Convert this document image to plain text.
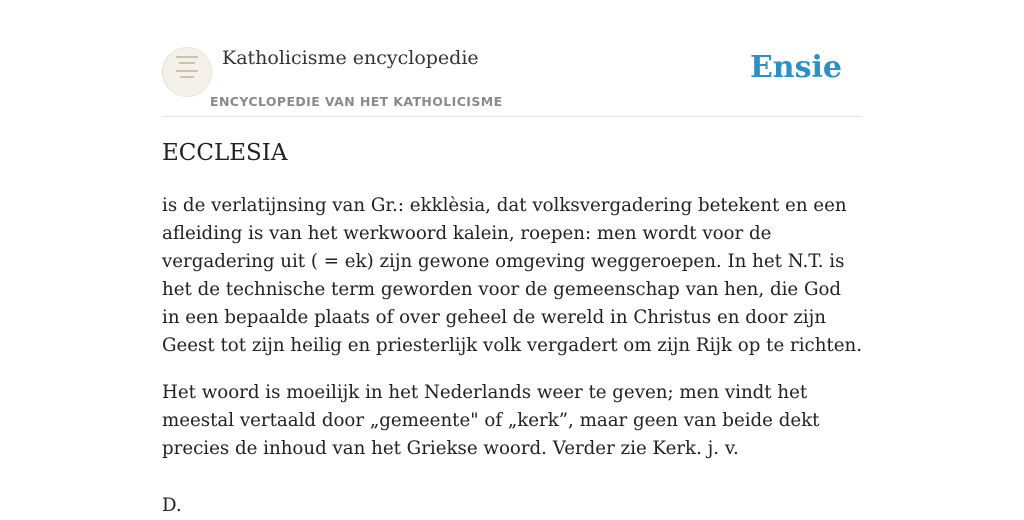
Katholicisme encyclopedie
ENCYCLOPEDIE VAN HET KATHOLICISME
Ensie
ECCLESIA

is de verlatijnsing van Gr.: ekklèsia, dat volksvergadering betekent en een afleiding is van het werkwoord kalein, roepen: men wordt voor de vergadering uit ( = ek) zijn gewone omgeving weggeroepen. In het N.T. is het de technische term geworden voor de gemeenschap van hen, die God in een bepaalde plaats of over geheel de wereld in Christus en door zijn Geest tot zijn heilig en priesterlijk volk vergadert om zijn Rijk op te richten.

Het woord is moeilijk in het Nederlands weer te geven; men vindt het meestal vertaald door „gemeente" of „kerk”, maar geen van beide dekt precies de inhoud van het Griekse woord. Verder zie Kerk. j. v.

D.
